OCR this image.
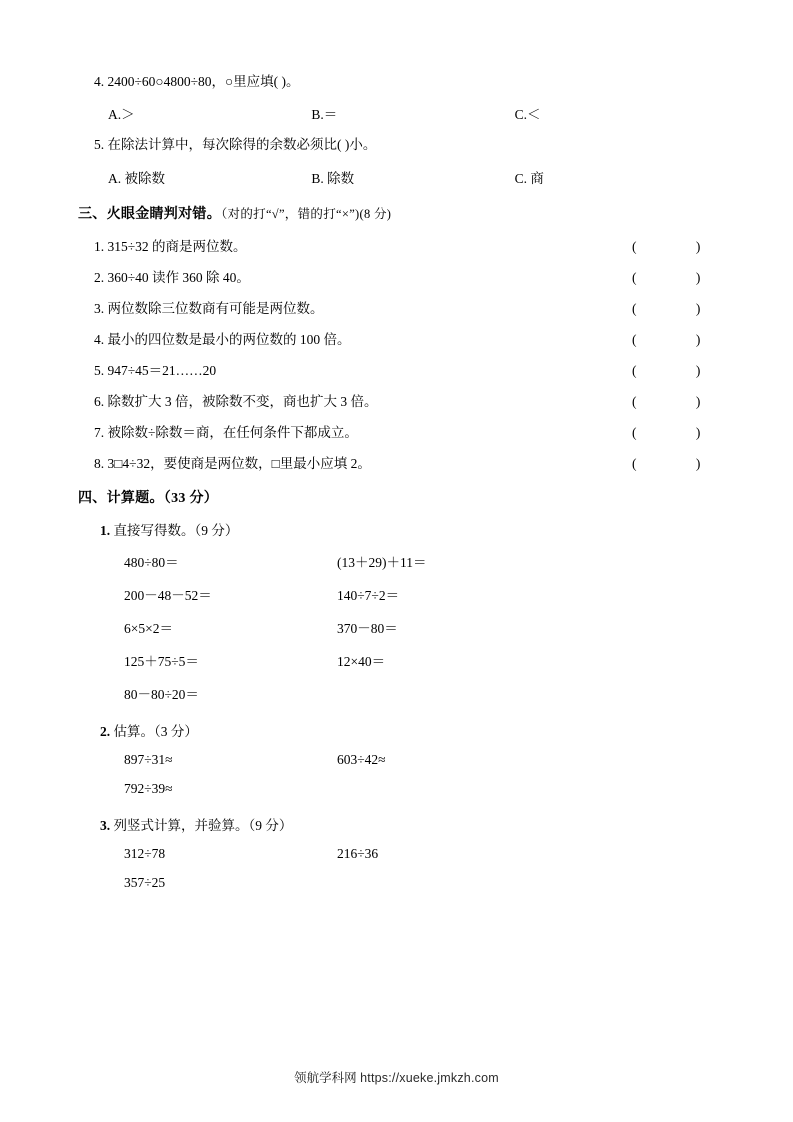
4. 2400÷60○4800÷80，○里应填( )。

A.＞	B.＝	C.＜

5. 在除法计算中，每次除得的余数必须比( )小。

A. 被除数	B. 除数	C. 商

三、火眼金睛判对错。（对的打“√”，错的打“×”)(8 分)

1. 315÷32 的商是两位数。	( )
2. 360÷40 读作 360 除 40。	( )
3. 两位数除三位数商有可能是两位数。	( )
4. 最小的四位数是最小的两位数的 100 倍。	( )
5. 947÷45＝21……20	( )
6. 除数扩大 3 倍，被除数不变，商也扩大 3 倍。	( )
7. 被除数÷除数＝商，在任何条件下都成立。	( )
8. 3□4÷32，要使商是两位数，□里最小应填 2。	( )

四、计算题。（33 分）

1. 直接写得数。（9 分）

480÷80＝	(13＋29)＋11＝
200－48－52＝	140÷7÷2＝
6×5×2＝	370－80＝
125＋75÷5＝	12×40＝
80－80÷20＝

2. 估算。（3 分）

897÷31≈	603÷42≈
792÷39≈

3. 列竖式计算，并验算。（9 分）

312÷78	216÷36
357÷25
领航学科网 https://xueke.jmkzh.com
